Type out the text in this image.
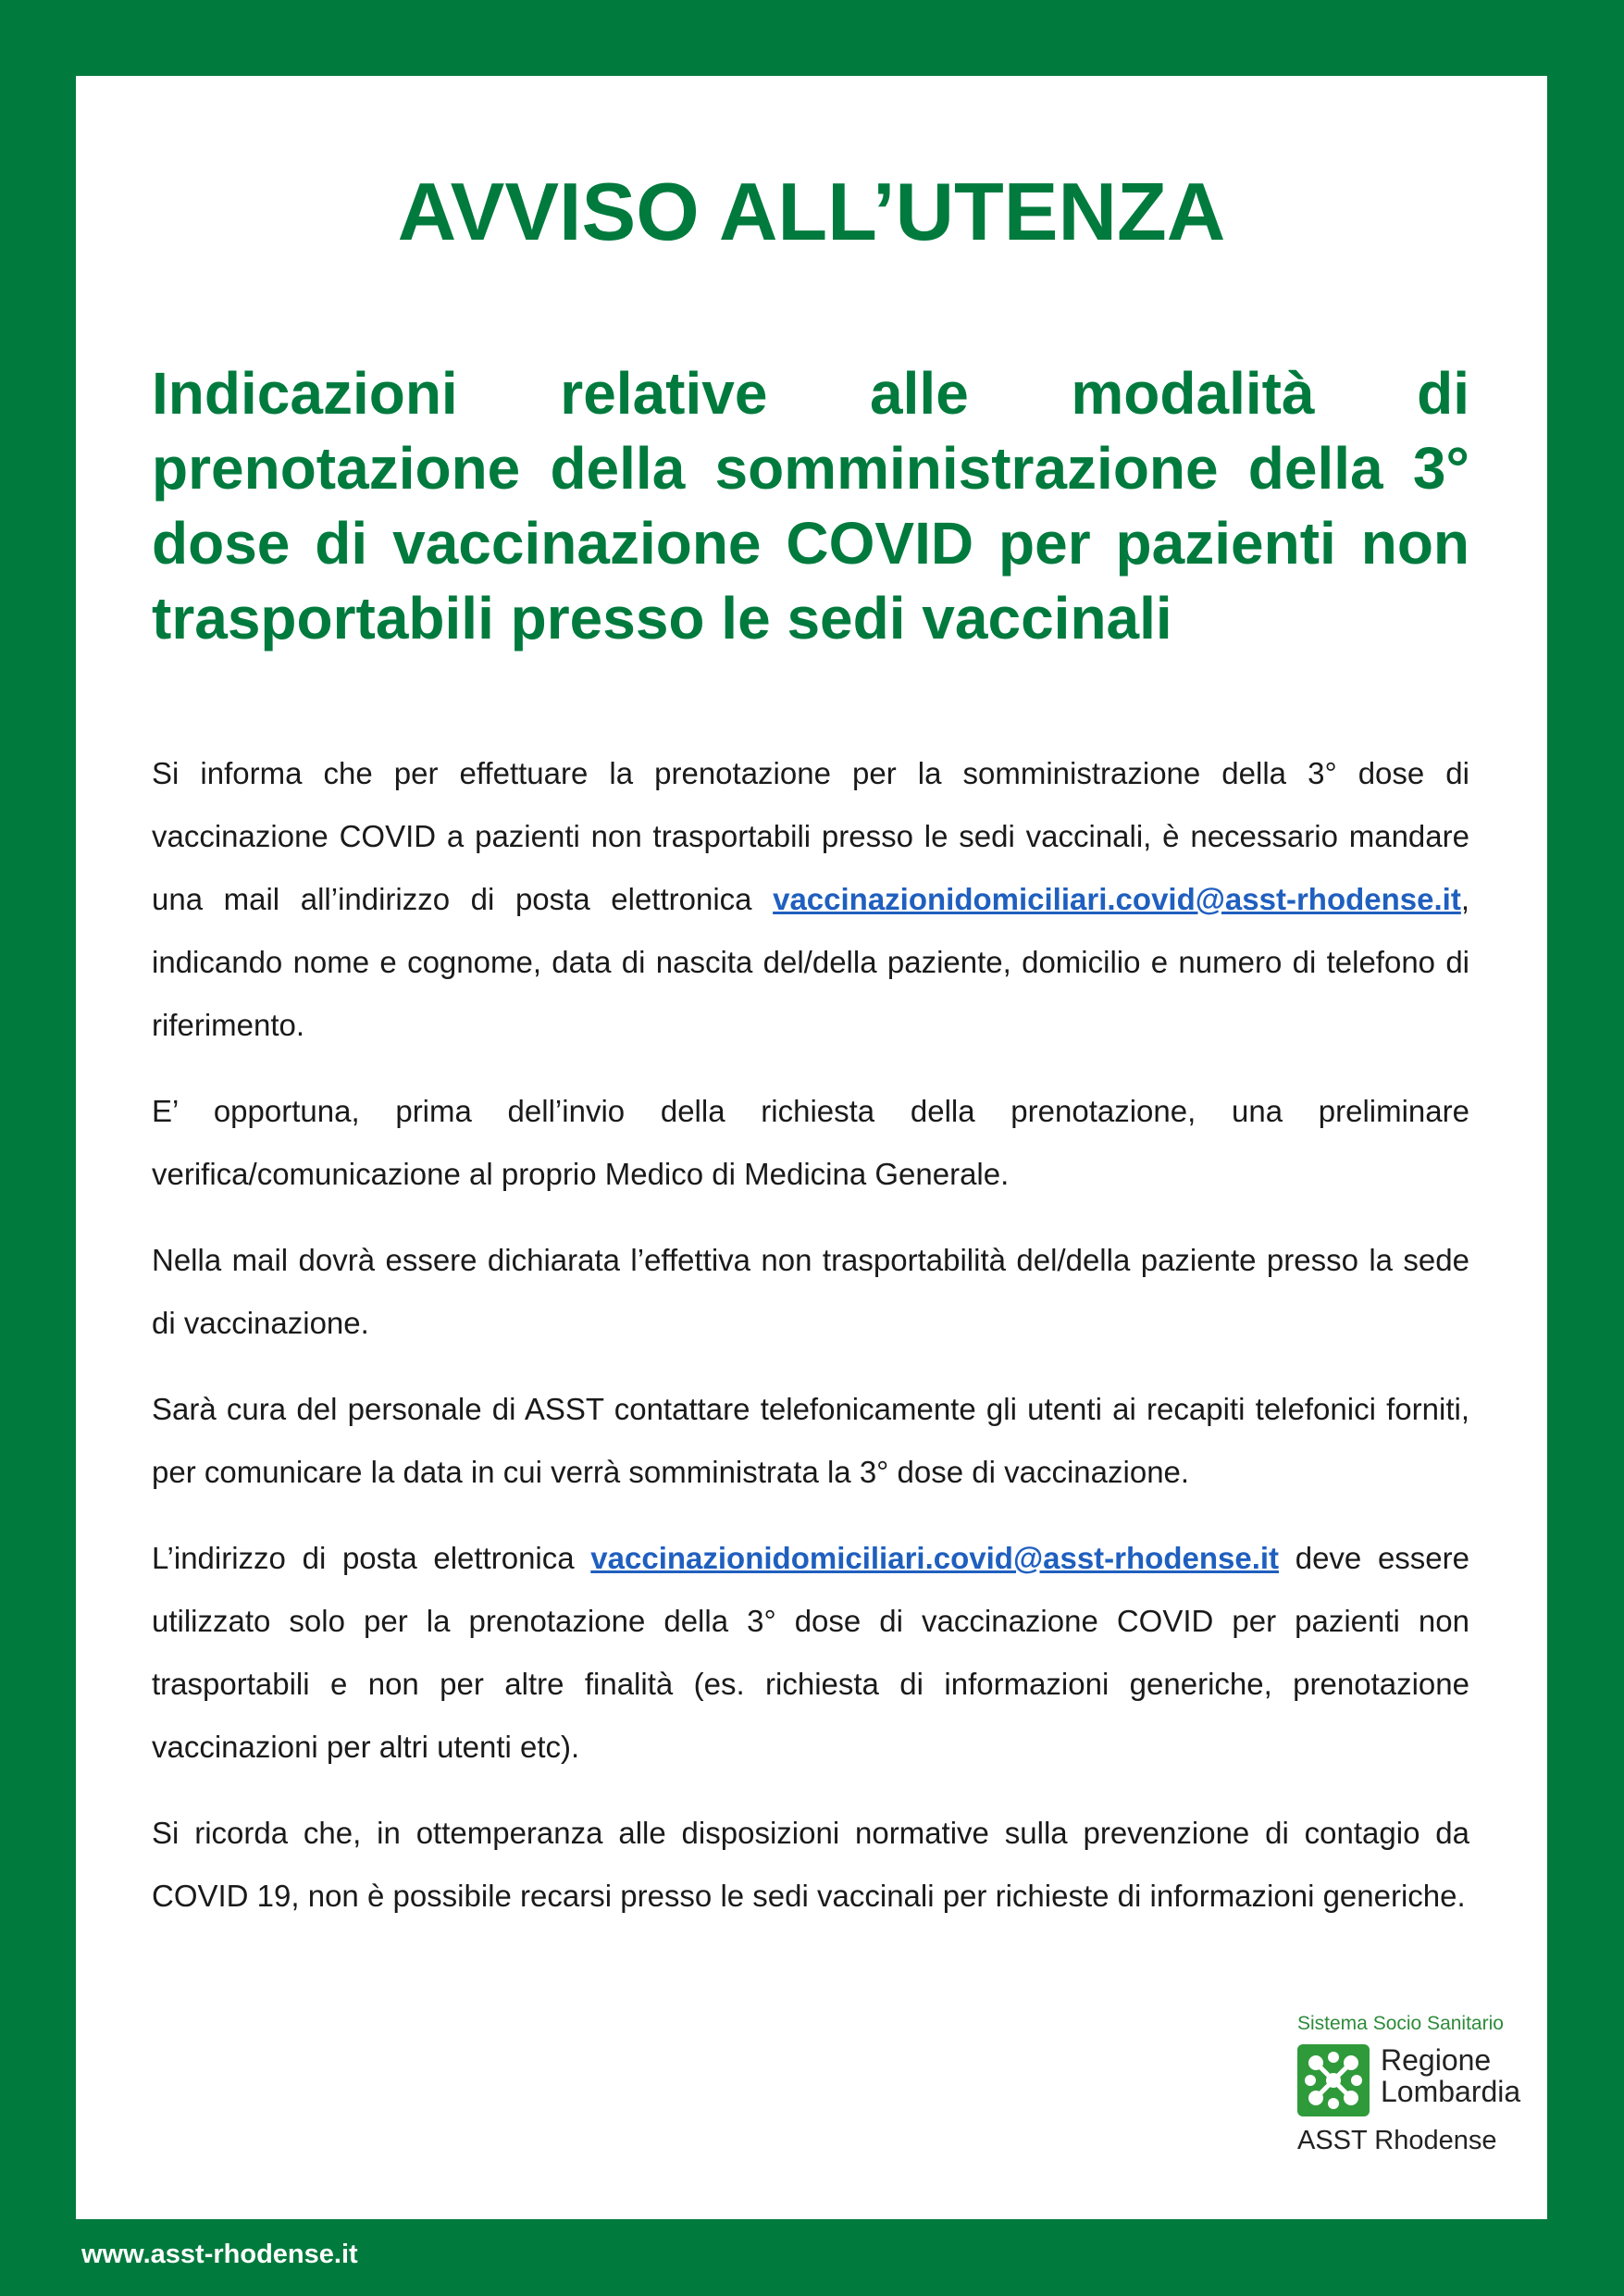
AVVISO ALL’UTENZA
Indicazioni relative alle modalità di prenotazione della somministrazione della 3° dose di vaccinazione COVID per pazienti non trasportabili presso le sedi vaccinali

Si informa che per effettuare la prenotazione per la somministrazione della 3° dose di vaccinazione COVID a pazienti non trasportabili presso le sedi vaccinali, è necessario mandare una mail all’indirizzo di posta elettronica vaccinazionidomiciliari.covid@asst-rhodense.it, indicando nome e cognome, data di nascita del/della paziente, domicilio e numero di telefono di riferimento.

E’ opportuna, prima dell’invio della richiesta della prenotazione, una preliminare verifica/comunicazione al proprio Medico di Medicina Generale.

Nella mail dovrà essere dichiarata l’effettiva non trasportabilità del/della paziente presso la sede di vaccinazione.

Sarà cura del personale di ASST contattare telefonicamente gli utenti ai recapiti telefonici forniti, per comunicare la data in cui verrà somministrata la 3° dose di vaccinazione.

L’indirizzo di posta elettronica vaccinazionidomiciliari.covid@asst-rhodense.it deve essere utilizzato solo per la prenotazione della 3° dose di vaccinazione COVID per pazienti non trasportabili e non per altre finalità (es. richiesta di informazioni generiche, prenotazione vaccinazioni per altri utenti etc).

Si ricorda che, in ottemperanza alle disposizioni normative sulla prevenzione di contagio da COVID 19, non è possibile recarsi presso le sedi vaccinali per richieste di informazioni generiche.

Sistema Socio Sanitario
Regione
Lombardia
ASST Rhodense
www.asst-rhodense.it
